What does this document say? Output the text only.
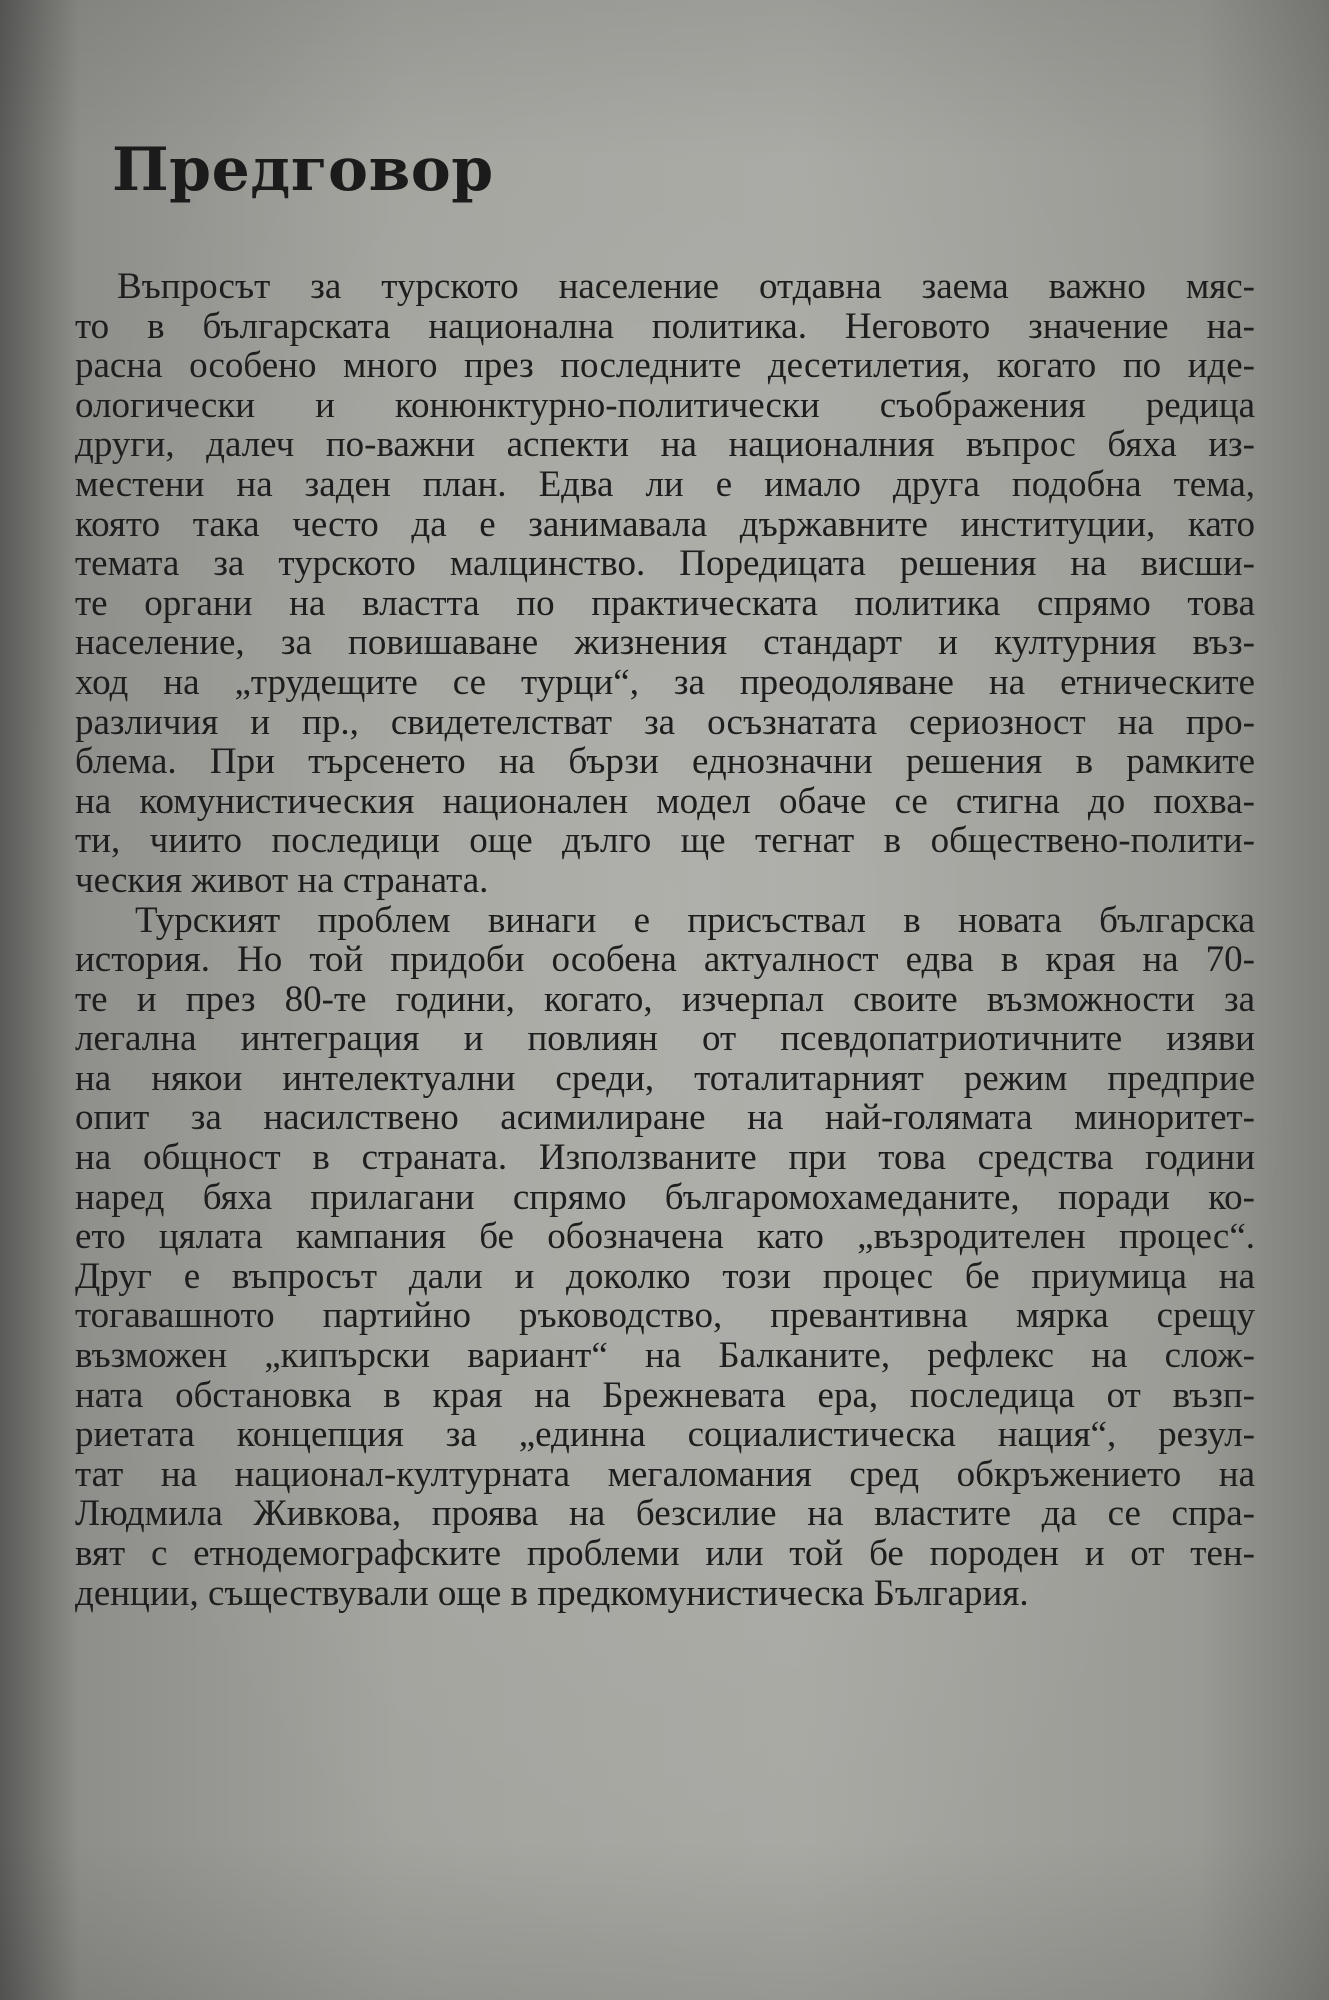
Предговор
Въпросът за турското население отдавна заема важно мяс-
то в българската национална политика. Неговото значение на-
расна особено много през последните десетилетия, когато по иде-
ологически и конюнктурно-политически съображения редица
други, далеч по-важни аспекти на националния въпрос бяха из-
местени на заден план. Едва ли е имало друга подобна тема,
която така често да е занимавала държавните институции, като
темата за турското малцинство. Поредицата решения на висши-
те органи на властта по практическата политика спрямо това
население, за повишаване жизнения стандарт и културния въз-
ход на „трудещите се турци“, за преодоляване на етническите
различия и пр., свидетелстват за осъзнатата сериозност на про-
блема. При търсенето на бързи еднозначни решения в рамките
на комунистическия национален модел обаче се стигна до похва-
ти, чиито последици още дълго ще тегнат в обществено-полити-
ческия живот на страната.
Турският проблем винаги е присъствал в новата българска
история. Но той придоби особена актуалност едва в края на 70-
те и през 80-те години, когато, изчерпал своите възможности за
легална интеграция и повлиян от псевдопатриотичните изяви
на някои интелектуални среди, тоталитарният режим предприе
опит за насилствено асимилиране на най-голямата миноритет-
на общност в страната. Използваните при това средства години
наред бяха прилагани спрямо българомохамеданите, поради ко-
ето цялата кампания бе обозначена като „възродителен процес“.
Друг е въпросът дали и доколко този процес бе приумица на
тогавашното партийно ръководство, превантивна мярка срещу
възможен „кипърски вариант“ на Балканите, рефлекс на слож-
ната обстановка в края на Брежневата ера, последица от възп-
риетата концепция за „единна социалистическа нация“, резул-
тат на национал-културната мегаломания сред обкръжението на
Людмила Живкова, проява на безсилие на властите да се спра-
вят с етнодемографските проблеми или той бе породен и от тен-
денции, съществували още в предкомунистическа България.
